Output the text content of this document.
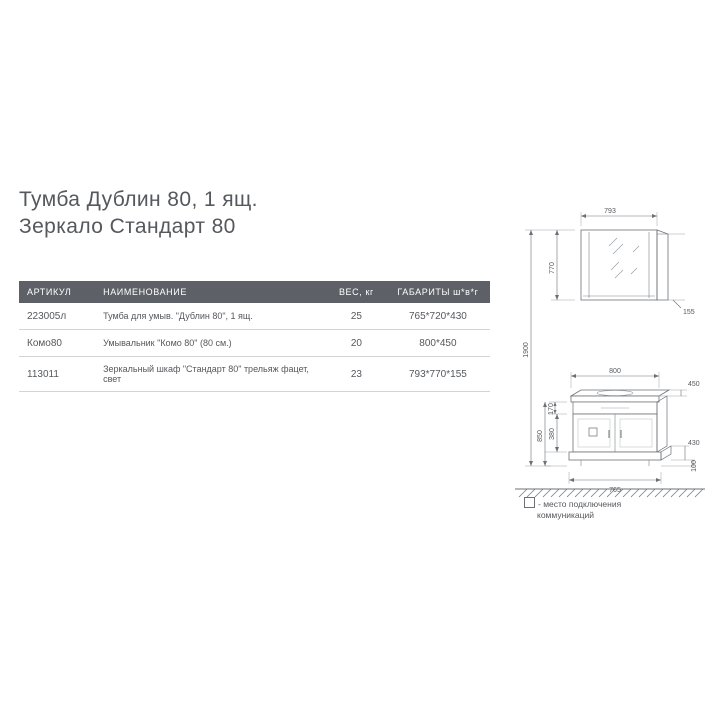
Тумба Дублин 80, 1 ящ.
Зеркало Стандарт 80
АРТИКУЛ	НАИМЕНОВАНИЕ	ВЕС, кг	ГАБАРИТЫ ш*в*г
223005л	Тумба для умыв. "Дублин 80", 1 ящ.	25	765*720*430
Комо80	Умывальник "Комо 80" (80 см.)	20	800*450
113011	Зеркальный шкаф "Стандарт 80" трельяж фацет, свет	23	793*770*155
793
770
155
1900
800
450
170
850 380
430
100
765
- место подключения
коммуникаций
